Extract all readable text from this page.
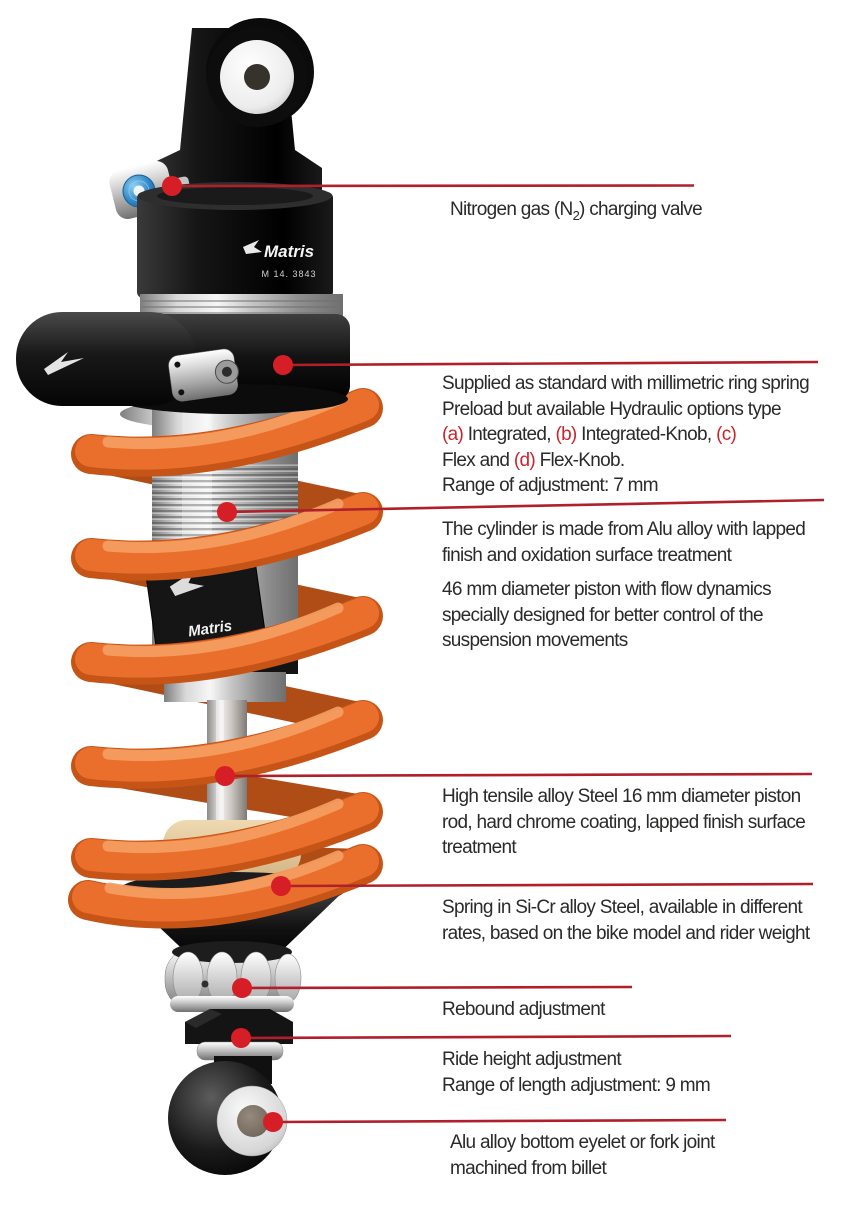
Matris
Matris
M 14. 3843
Nitrogen gas $(N_2)$ charging valve
Supplied as standard with millimetric ring spring
Preload but available Hydraulic options type
(a) Integrated, (b) Integrated-Knob, (c)
Flex and (d) Flex-Knob.
Range of adjustment: 7 mm
The cylinder is made from Alu alloy with lapped
finish and oxidation surface treatment
46 mm diameter piston with flow dynamics
specially designed for better control of the
suspension movements
High tensile alloy Steel 16 mm diameter piston
rod, hard chrome coating, lapped finish surface
treatment
Spring in Si-Cr alloy Steel, available in different
rates, based on the bike model and rider weight
Rebound adjustment
Ride height adjustment
Range of length adjustment: 9 mm
Alu alloy bottom eyelet or fork joint
machined from billet
